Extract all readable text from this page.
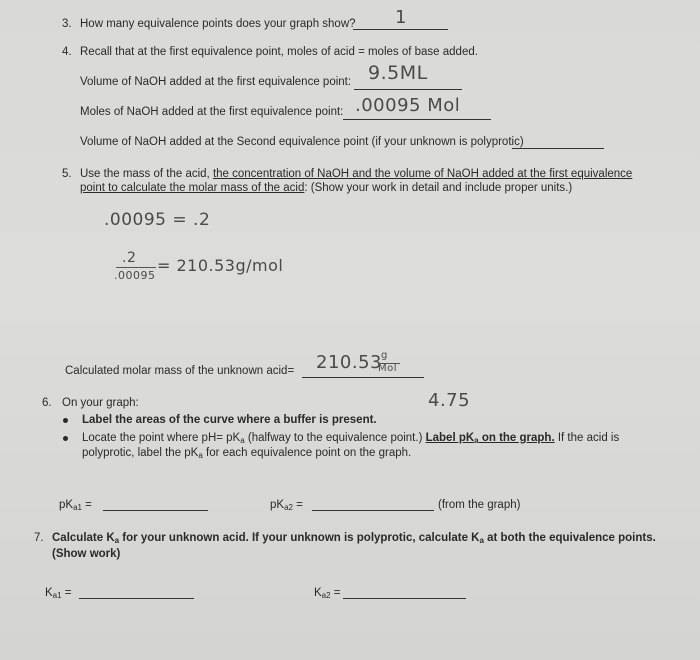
3. How many equivalence points does your graph show? 1
4. Recall that at the first equivalence point, moles of acid = moles of base added.
Volume of NaOH added at the first equivalence point: 9.5ML
Moles of NaOH added at the first equivalence point: .00095 Mol
Volume of NaOH added at the Second equivalence point (if your unknown is polyprotic)
5. Use the mass of the acid, the concentration of NaOH and the volume of NaOH added at the first equivalence
point to calculate the molar mass of the acid: (Show your work in detail and include proper units.)
.00095 = .2
.2
.00095
= 210.53g/mol
Calculated molar mass of the unknown acid= 210.53 g
Mol
6. On your graph:
Label the areas of the curve where a buffer is present.
4.75
Locate the point where $pH= pK_a$ (halfway to the equivalence point.) Label $pK_a$ on the graph. If the acid is
polyprotic, label the $pK_a$ for each equivalence point on the graph.
$pK_{a1}$ =	$pK_{a2}$ =	(from the graph)
7. Calculate $K_a$ for your unknown acid. If your unknown is polyprotic, calculate $K_a$ at both the equivalence points.
(Show work)
$K_{a1}$ =	$K_{a2}$ =
